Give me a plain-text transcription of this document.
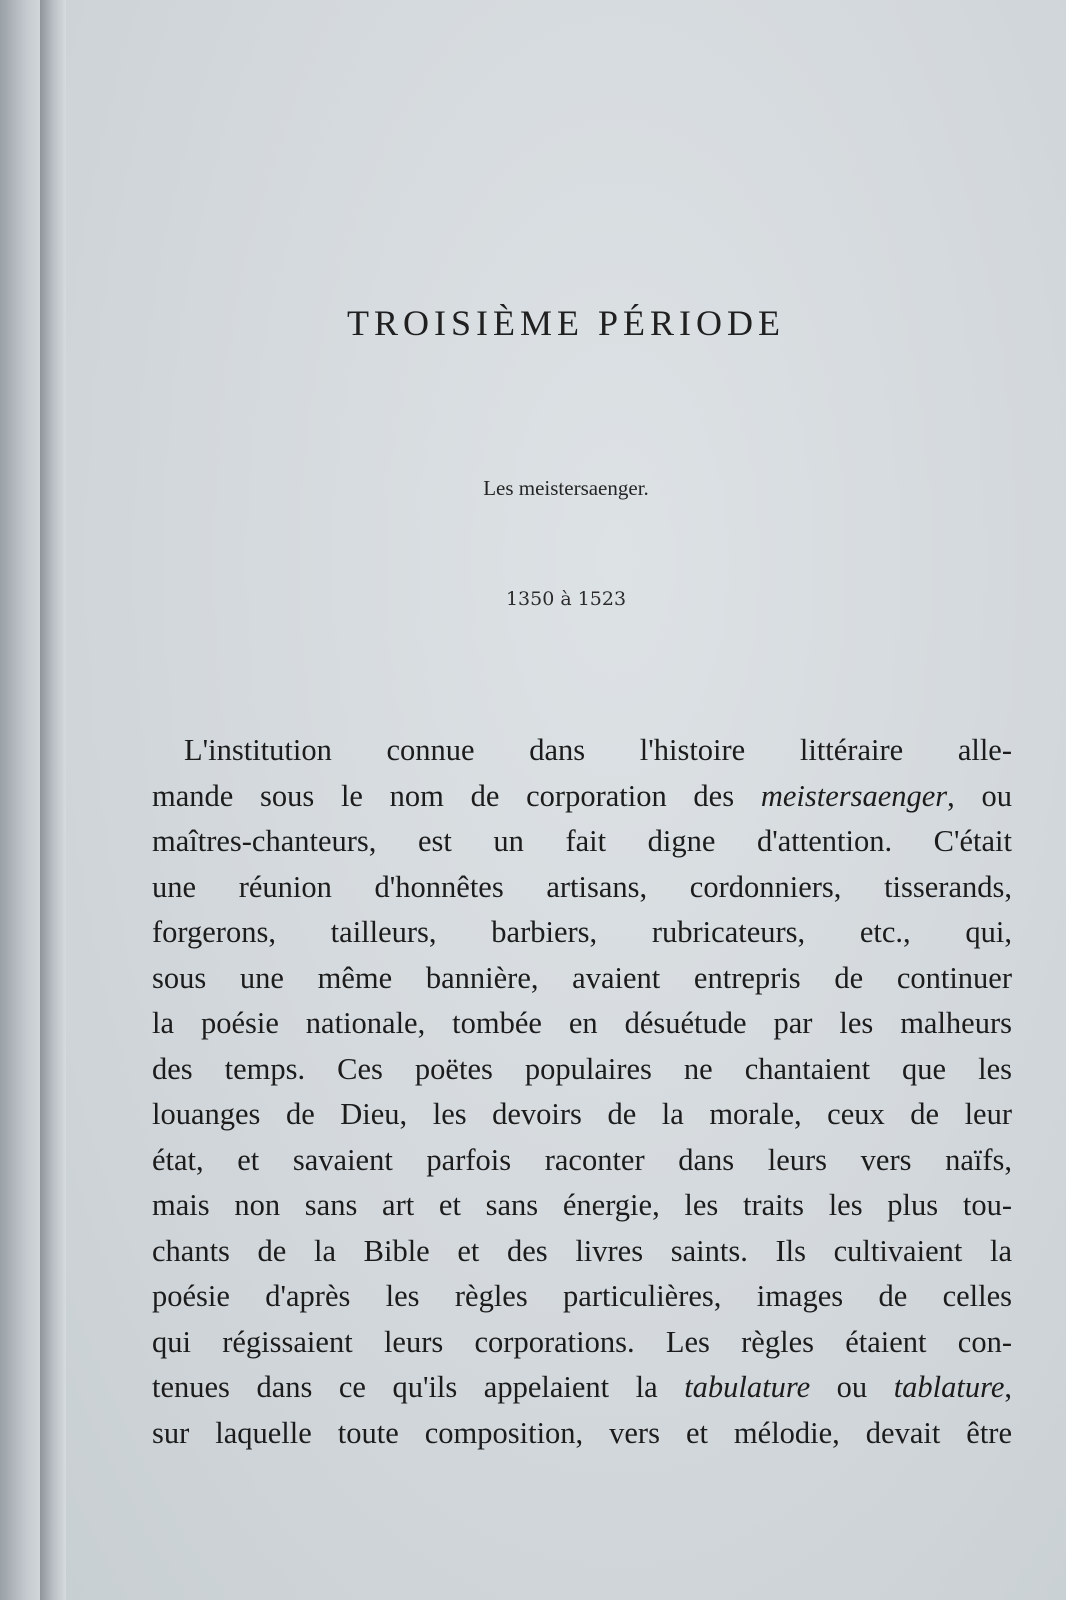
TROISIÈME PÉRIODE
Les meistersaenger.
1350 à 1523
L'institution connue dans l'histoire littéraire alle-
mande sous le nom de corporation des meistersaenger, ou
maîtres-chanteurs, est un fait digne d'attention. C'était
une réunion d'honnêtes artisans, cordonniers, tisserands,
forgerons, tailleurs, barbiers, rubricateurs, etc., qui,
sous une même bannière, avaient entrepris de continuer
la poésie nationale, tombée en désuétude par les malheurs
des temps. Ces poëtes populaires ne chantaient que les
louanges de Dieu, les devoirs de la morale, ceux de leur
état, et savaient parfois raconter dans leurs vers naïfs,
mais non sans art et sans énergie, les traits les plus tou-
chants de la Bible et des livres saints. Ils cultivaient la
poésie d'après les règles particulières, images de celles
qui régissaient leurs corporations. Les règles étaient con-
tenues dans ce qu'ils appelaient la tabulature ou tablature,
sur laquelle toute composition, vers et mélodie, devait être
